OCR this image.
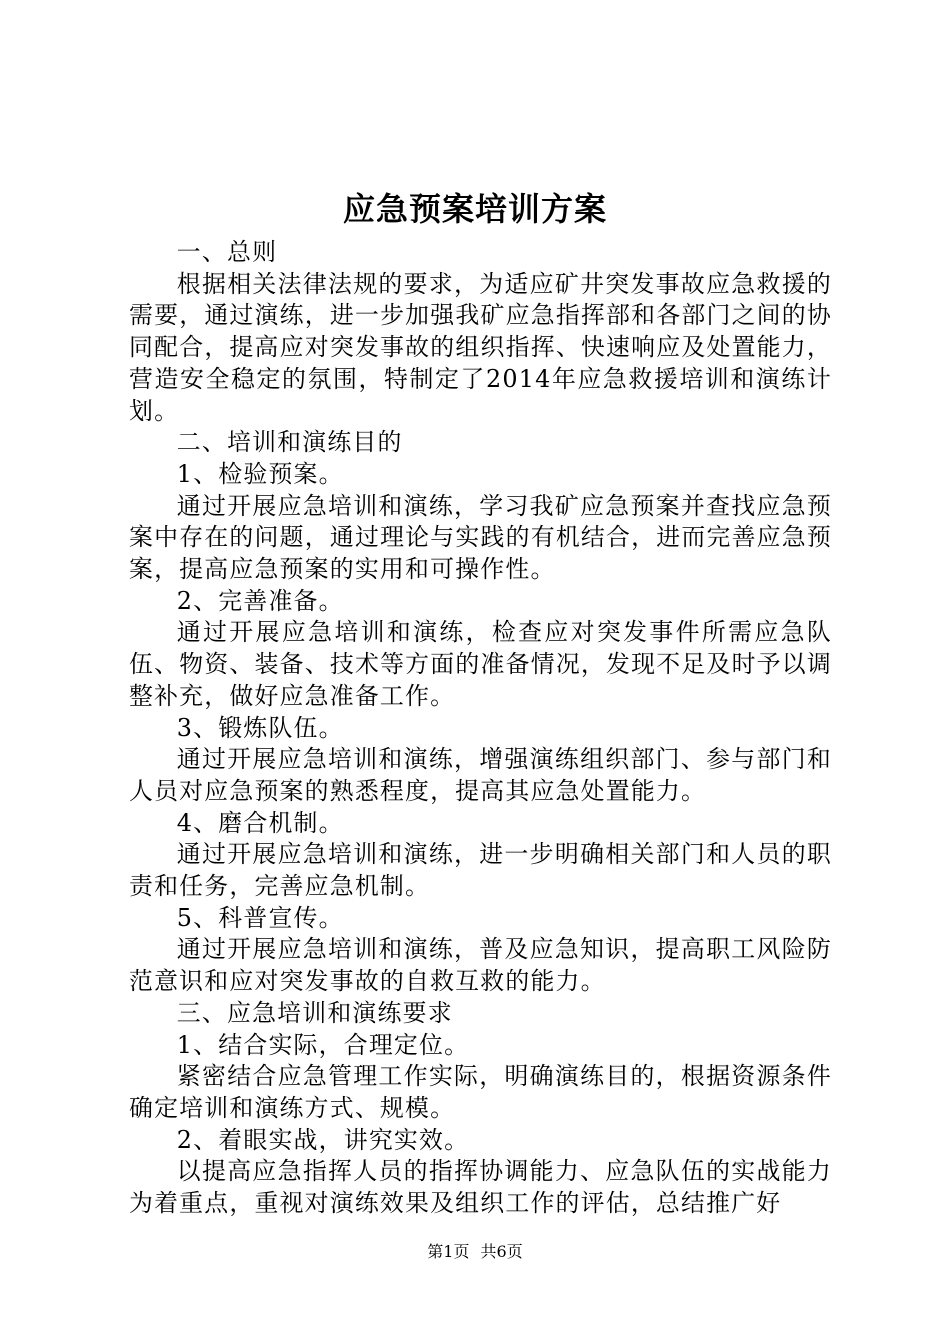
应急预案培训方案

一、总则

根据相关法律法规的要求，为适应矿井突发事故应急救援的需要，通过演练，进一步加强我矿应急指挥部和各部门之间的协同配合，提高应对突发事故的组织指挥、快速响应及处置能力，营造安全稳定的氛围，特制定了2014年应急救援培训和演练计划。

二、培训和演练目的

1、检验预案。

通过开展应急培训和演练，学习我矿应急预案并查找应急预案中存在的问题，通过理论与实践的有机结合，进而完善应急预案，提高应急预案的实用和可操作性。

2、完善准备。

通过开展应急培训和演练，检查应对突发事件所需应急队伍、物资、装备、技术等方面的准备情况，发现不足及时予以调整补充，做好应急准备工作。

3、锻炼队伍。

通过开展应急培训和演练，增强演练组织部门、参与部门和人员对应急预案的熟悉程度，提高其应急处置能力。

4、磨合机制。

通过开展应急培训和演练，进一步明确相关部门和人员的职责和任务，完善应急机制。

5、科普宣传。

通过开展应急培训和演练，普及应急知识，提高职工风险防范意识和应对突发事故的自救互救的能力。

三、应急培训和演练要求

1、结合实际，合理定位。

紧密结合应急管理工作实际，明确演练目的，根据资源条件确定培训和演练方式、规模。

2、着眼实战，讲究实效。

以提高应急指挥人员的指挥协调能力、应急队伍的实战能力为着重点，重视对演练效果及组织工作的评估，总结推广好

第1页 共6页
